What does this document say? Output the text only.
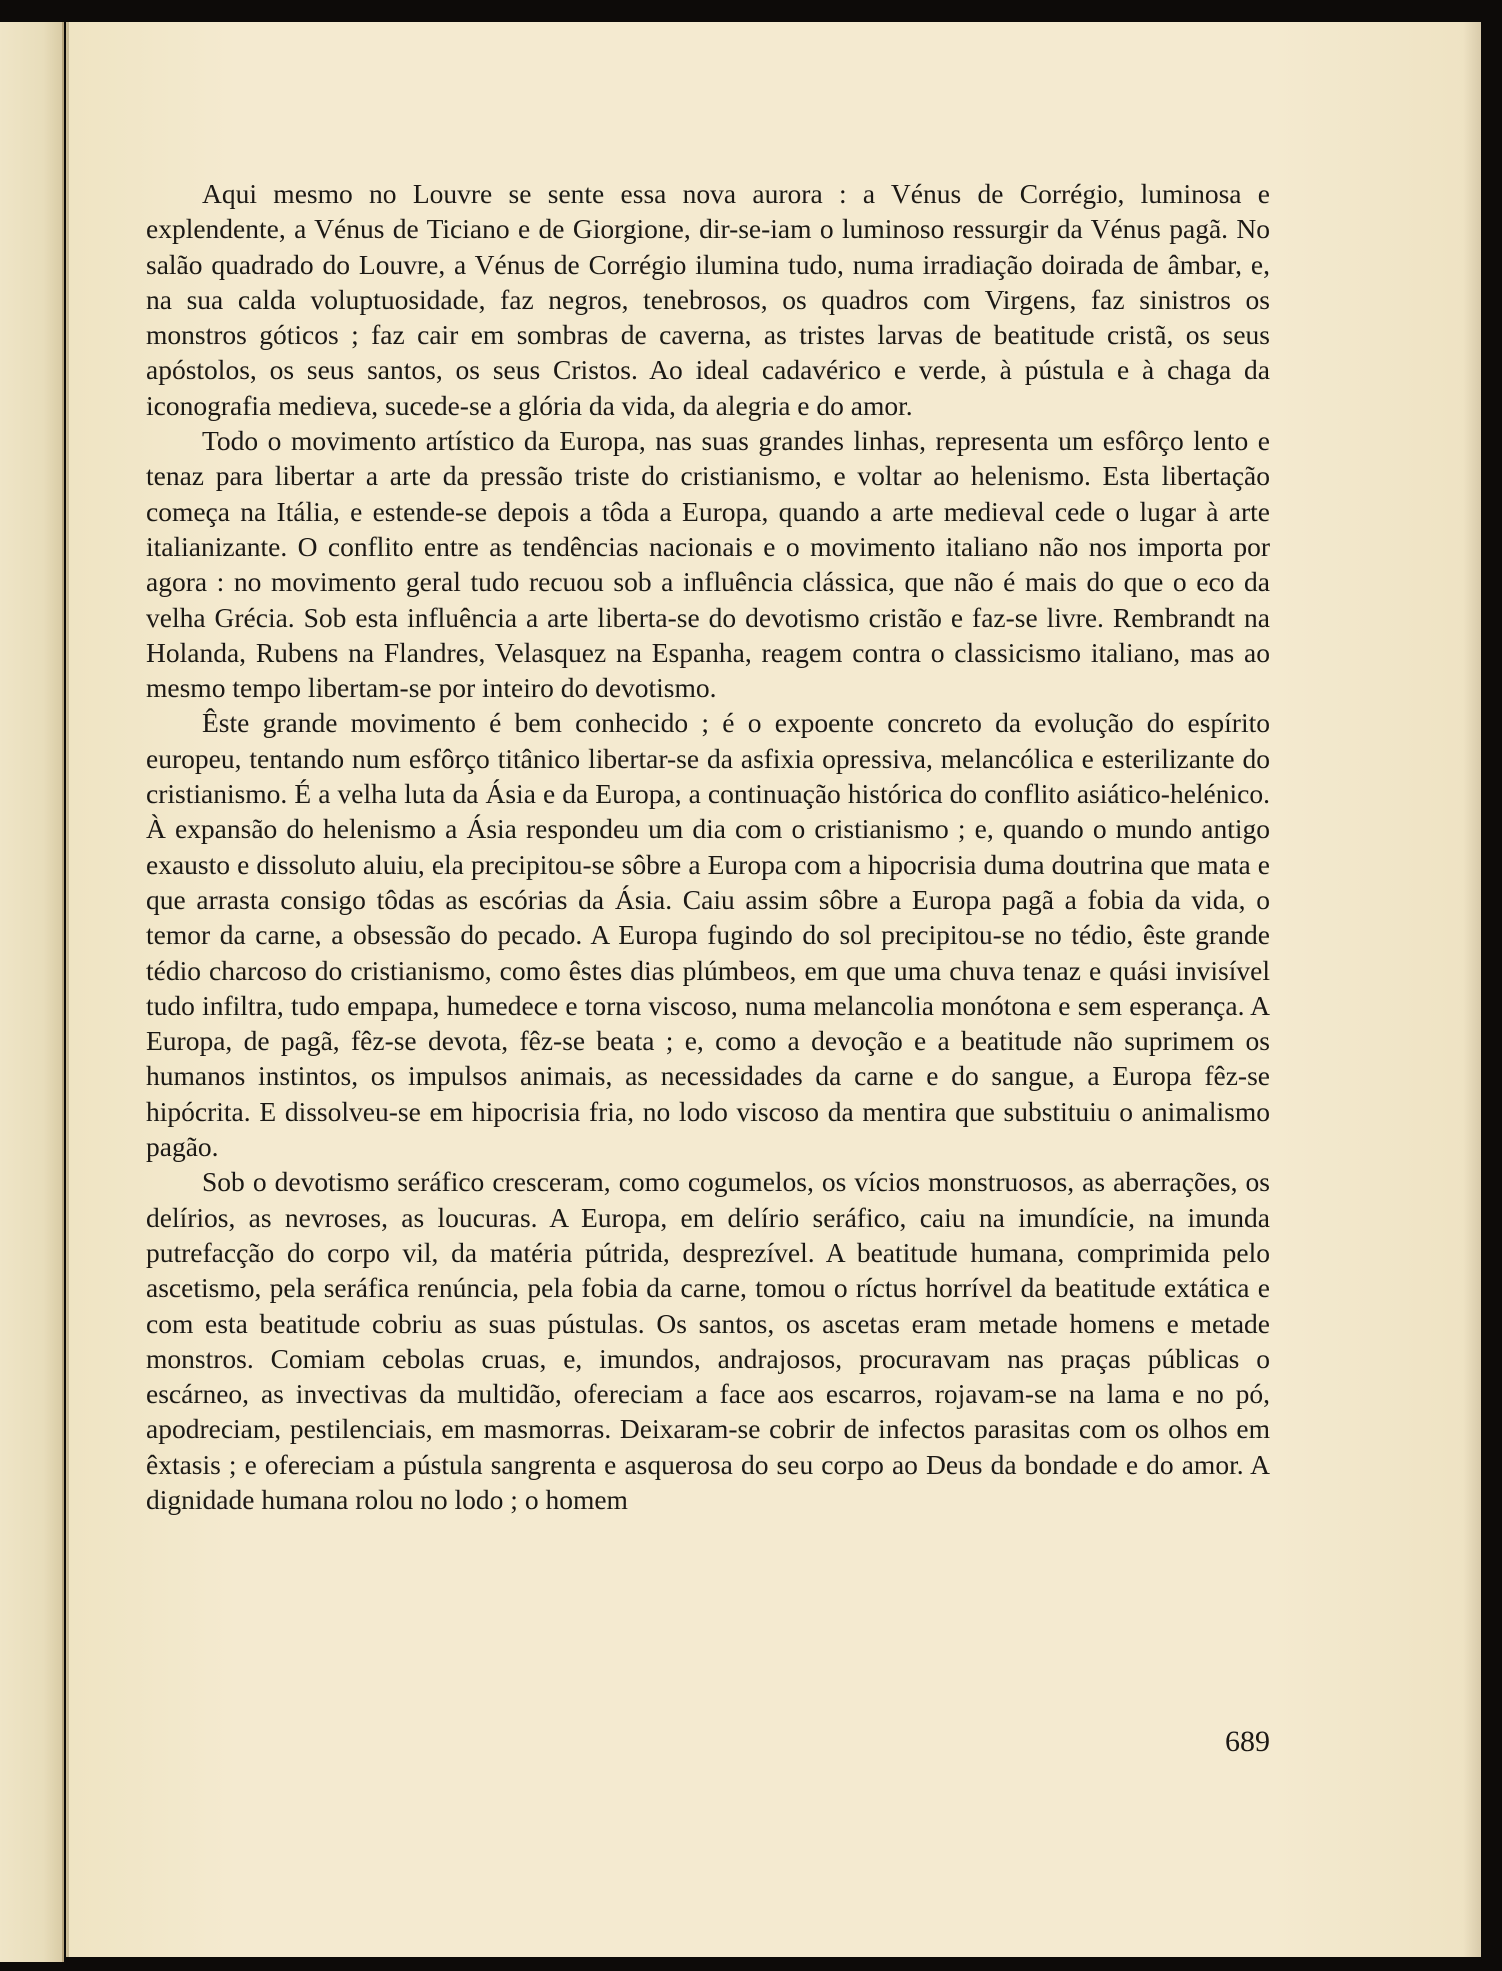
Aqui mesmo no Louvre se sente essa nova aurora : a Vénus de Corrégio, luminosa e explendente, a Vénus de Ticiano e de Giorgione, dir-se-iam o luminoso ressurgir da Vénus pagã. No salão quadrado do Louvre, a Vénus de Corrégio ilumina tudo, numa irradiação doirada de âmbar, e, na sua calda voluptuosidade, faz negros, tenebrosos, os quadros com Virgens, faz sinistros os monstros góticos ; faz cair em sombras de caverna, as tristes larvas de beatitude cristã, os seus apóstolos, os seus santos, os seus Cristos. Ao ideal cadavérico e verde, à pústula e à chaga da iconografia medieva, sucede-se a glória da vida, da alegria e do amor.

Todo o movimento artístico da Europa, nas suas grandes linhas, representa um esfôrço lento e tenaz para libertar a arte da pressão triste do cristianismo, e voltar ao helenismo. Esta libertação começa na Itália, e estende-se depois a tôda a Europa, quando a arte medieval cede o lugar à arte italianizante. O conflito entre as tendências nacionais e o movimento italiano não nos importa por agora : no movimento geral tudo recuou sob a influência clássica, que não é mais do que o eco da velha Grécia. Sob esta influência a arte liberta-se do devotismo cristão e faz-se livre. Rembrandt na Holanda, Rubens na Flandres, Velasquez na Espanha, reagem contra o classicismo italiano, mas ao mesmo tempo libertam-se por inteiro do devotismo.

Êste grande movimento é bem conhecido ; é o expoente concreto da evolução do espírito europeu, tentando num esfôrço titânico libertar-se da asfixia opressiva, melancólica e esterilizante do cristianismo. É a velha luta da Ásia e da Europa, a continuação histórica do conflito asiático-helénico. À expansão do helenismo a Ásia respondeu um dia com o cristianismo ; e, quando o mundo antigo exausto e dissoluto aluiu, ela precipitou-se sôbre a Europa com a hipocrisia duma doutrina que mata e que arrasta consigo tôdas as escórias da Ásia. Caiu assim sôbre a Europa pagã a fobia da vida, o temor da carne, a obsessão do pecado. A Europa fugindo do sol precipitou-se no tédio, êste grande tédio charcoso do cristianismo, como êstes dias plúmbeos, em que uma chuva tenaz e quási invisível tudo infiltra, tudo empapa, humedece e torna viscoso, numa melancolia monótona e sem esperança. A Europa, de pagã, fêz-se devota, fêz-se beata ; e, como a devoção e a beatitude não suprimem os humanos instintos, os impulsos animais, as necessidades da carne e do sangue, a Europa fêz-se hipócrita. E dissolveu-se em hipocrisia fria, no lodo viscoso da mentira que substituiu o animalismo pagão.

Sob o devotismo seráfico cresceram, como cogumelos, os vícios monstruosos, as aberrações, os delírios, as nevroses, as loucuras. A Europa, em delírio seráfico, caiu na imundície, na imunda putrefacção do corpo vil, da matéria pútrida, desprezível. A beatitude humana, comprimida pelo ascetismo, pela seráfica renúncia, pela fobia da carne, tomou o ríctus horrível da beatitude extática e com esta beatitude cobriu as suas pústulas. Os santos, os ascetas eram metade homens e metade monstros. Comiam cebolas cruas, e, imundos, andrajosos, procuravam nas praças públicas o escárneo, as invectivas da multidão, ofereciam a face aos escarros, rojavam-se na lama e no pó, apodreciam, pestilenciais, em masmorras. Deixaram-se cobrir de infectos parasitas com os olhos em êxtasis ; e ofereciam a pústula sangrenta e asquerosa do seu corpo ao Deus da bondade e do amor. A dignidade humana rolou no lodo ; o homem

689
